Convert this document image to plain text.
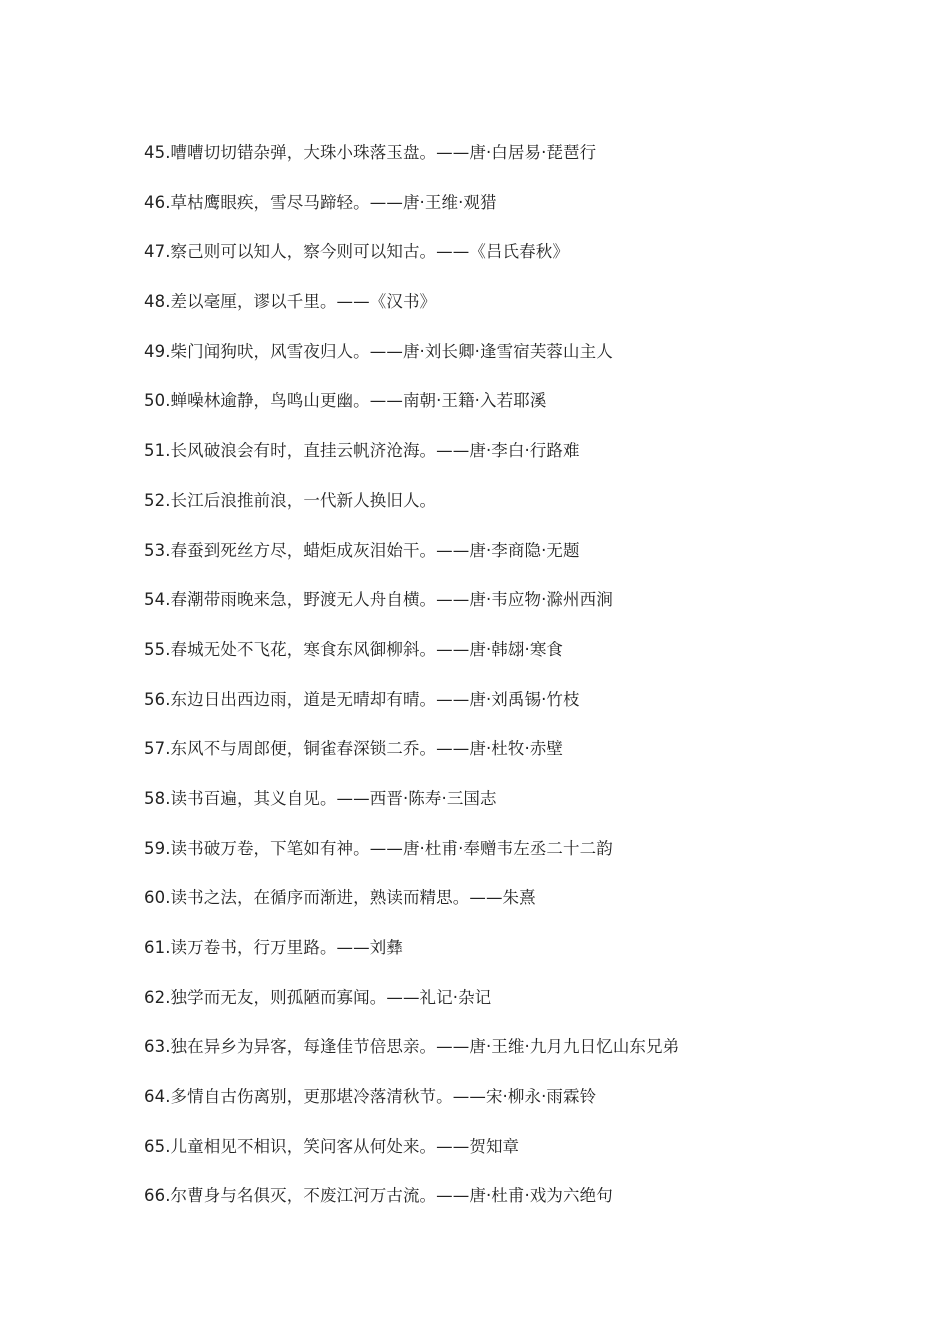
45.嘈嘈切切错杂弹，大珠小珠落玉盘。——唐·白居易·琵琶行
46.草枯鹰眼疾，雪尽马蹄轻。——唐·王维·观猎
47.察己则可以知人，察今则可以知古。——《吕氏春秋》
48.差以毫厘，谬以千里。——《汉书》
49.柴门闻狗吠，风雪夜归人。——唐·刘长卿·逢雪宿芙蓉山主人
50.蝉噪林逾静，鸟鸣山更幽。——南朝·王籍·入若耶溪
51.长风破浪会有时，直挂云帆济沧海。——唐·李白·行路难
52.长江后浪推前浪，一代新人换旧人。
53.春蚕到死丝方尽，蜡炬成灰泪始干。——唐·李商隐·无题
54.春潮带雨晚来急，野渡无人舟自横。——唐·韦应物·滁州西涧
55.春城无处不飞花，寒食东风御柳斜。——唐·韩翃·寒食
56.东边日出西边雨，道是无晴却有晴。——唐·刘禹锡·竹枝
57.东风不与周郎便，铜雀春深锁二乔。——唐·杜牧·赤壁
58.读书百遍，其义自见。——西晋·陈寿·三国志
59.读书破万卷，下笔如有神。——唐·杜甫·奉赠韦左丞二十二韵
60.读书之法，在循序而渐进，熟读而精思。——朱熹
61.读万卷书，行万里路。——刘彝
62.独学而无友，则孤陋而寡闻。——礼记·杂记
63.独在异乡为异客，每逢佳节倍思亲。——唐·王维·九月九日忆山东兄弟
64.多情自古伤离别，更那堪冷落清秋节。——宋·柳永·雨霖铃
65.儿童相见不相识，笑问客从何处来。——贺知章
66.尔曹身与名俱灭，不废江河万古流。——唐·杜甫·戏为六绝句
